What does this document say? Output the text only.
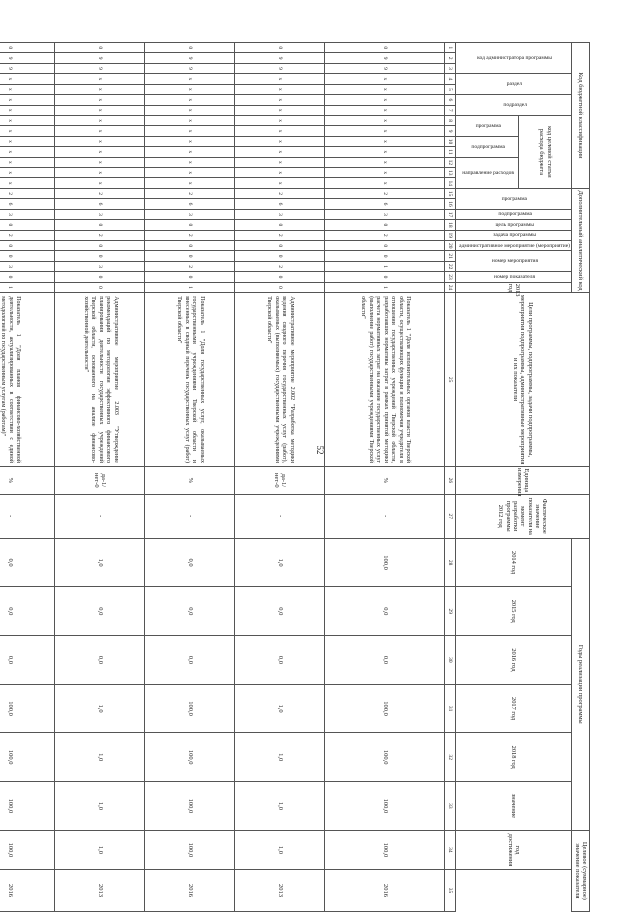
52
Код бюджетной классификации														Дополнительный аналитический код										Цели программы, подпрограммы, задачи подпрограммы, мероприятия подпрограммы, административные мероприятия и их показатели	Единица измерения	Фактическое значение показателя на момент разработки программы 2012 год	Годы реализации программы						Целевое (суммарное) значение показателя	
код администратора программы			раздел		подраздел		код целевой статьи расхода бюджета							программа		подпрограмма	цель программы	задача программы	административное мероприятие (мероприятие)	номер мероприятия		номер показателя	2013 год				2014 год	2015 год	2016 год	2017 год	2018 год	значение	год достижения	
							программа		подпрограмма		направление расходов																							
1	2	3	4	5	6	7	8	9	10	11	12	13	14	15	16	17	18	19	20	21	22	23	24	25	26	27	28	29	30	31	32	33	34	35
0	9	9	х	х	х	х	х	х	х	х	х	х	х	2	6	3	0	2	0	0	1	0	1	Показатель 1 "Доля исполнительных органов власти Тверской области, осуществляющих функции и полномочия учредителя в отношении государственных учреждений Тверской области, разработавших нормативы затрат в рамках принятой методики расчета нормативных затрат на оказание государственных услуг (выполнение работ) государственными учреждениями Тверской области"	%	-	100,0	0,0	0,0	100,0	100,0	100,0	100,0	2016
0	9	9	х	х	х	х	х	х	х	х	х	х	х	2	6	3	0	2	0	0	2	0	0	Административное мероприятие 2.002 "Разработка методики ведения сводного перечня государственных услуг (работ), оказываемых (выполняемых) государственными учреждениями Тверской области"	да-1/нет-0	-	1,0	0,0	0,0	1,0	1,0	1,0	1,0	2013
0	9	9	х	х	х	х	х	х	х	х	х	х	х	2	6	3	0	2	0	0	2	0	1	Показатель 1 "Доля государственных услуг, оказываемых государственными учреждениями Тверской области и внесенных в сводный перечень государственных услуг (работ) Тверской области"	%	-	0,0	0,0	0,0	100,0	100,0	100,0	100,0	2016
0	9	9	х	х	х	х	х	х	х	х	х	х	х	2	6	3	0	2	0	0	3	0	0	Административное мероприятие 2.003 "Утверждение рекомендаций по методологии эффективного финансового планирования деятельности государственных учреждений Тверской области, основанного на анализе финансово-хозяйственной деятельности"	да-1/нет-0	-	1,0	0,0	0,0	1,0	1,0	1,0	1,0	2013
0	9	9	х	х	х	х	х	х	х	х	х	х	х	2	6	3	0	2	0	0	3	0	1	Показатель 1 "Доля планов финансово-хозяйственной деятельности, актуализированных в соответствии с единой методологией по государственным услугам (работам)"	%	-	0,0	0,0	0,0	100,0	100,0	100,0	100,0	2016
